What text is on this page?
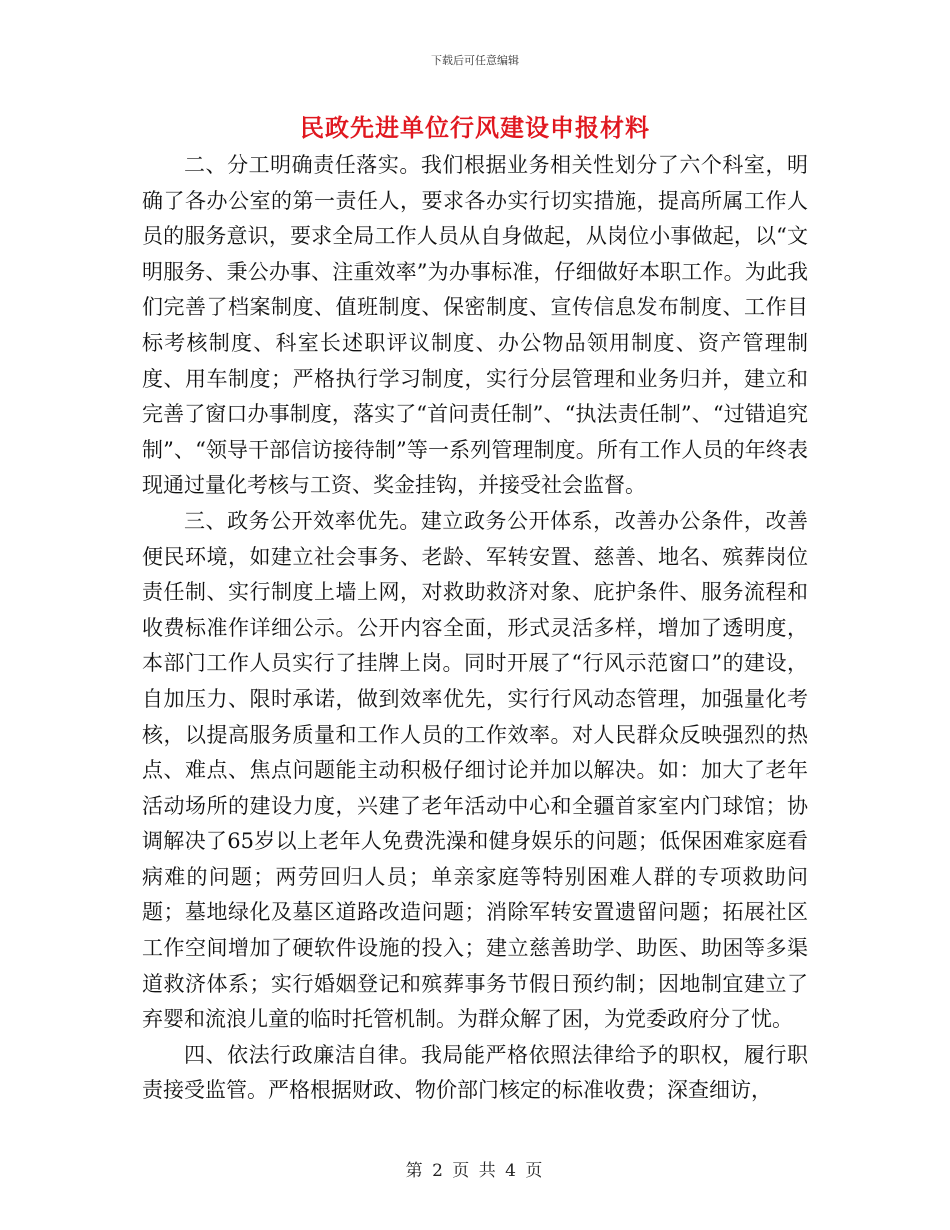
下载后可任意编辑
民政先进单位行风建设申报材料

二、分工明确责任落实。我们根据业务相关性划分了六个科室，明确了各办公室的第一责任人，要求各办实行切实措施，提高所属工作人员的服务意识，要求全局工作人员从自身做起，从岗位小事做起，以“文明服务、秉公办事、注重效率”为办事标准，仔细做好本职工作。为此我们完善了档案制度、值班制度、保密制度、宣传信息发布制度、工作目标考核制度、科室长述职评议制度、办公物品领用制度、资产管理制度、用车制度；严格执行学习制度，实行分层管理和业务归并，建立和完善了窗口办事制度，落实了“首问责任制”、“执法责任制”、“过错追究制”、“领导干部信访接待制”等一系列管理制度。所有工作人员的年终表现通过量化考核与工资、奖金挂钩，并接受社会监督。

三、政务公开效率优先。建立政务公开体系，改善办公条件，改善便民环境，如建立社会事务、老龄、军转安置、慈善、地名、殡葬岗位责任制、实行制度上墙上网，对救助救济对象、庇护条件、服务流程和收费标准作详细公示。公开内容全面，形式灵活多样，增加了透明度，本部门工作人员实行了挂牌上岗。同时开展了“行风示范窗口”的建设，自加压力、限时承诺，做到效率优先，实行行风动态管理，加强量化考核，以提高服务质量和工作人员的工作效率。对人民群众反映强烈的热点、难点、焦点问题能主动积极仔细讨论并加以解决。如：加大了老年活动场所的建设力度，兴建了老年活动中心和全疆首家室内门球馆；协调解决了65岁以上老年人免费洗澡和健身娱乐的问题；低保困难家庭看病难的问题；两劳回归人员；单亲家庭等特别困难人群的专项救助问题；墓地绿化及墓区道路改造问题；消除军转安置遗留问题；拓展社区工作空间增加了硬软件设施的投入；建立慈善助学、助医、助困等多渠道救济体系；实行婚姻登记和殡葬事务节假日预约制；因地制宜建立了弃婴和流浪儿童的临时托管机制。为群众解了困，为党委政府分了忧。

四、依法行政廉洁自律。我局能严格依照法律给予的职权，履行职责接受监管。严格根据财政、物价部门核定的标准收费；深查细访，

第 2 页 共 4 页
